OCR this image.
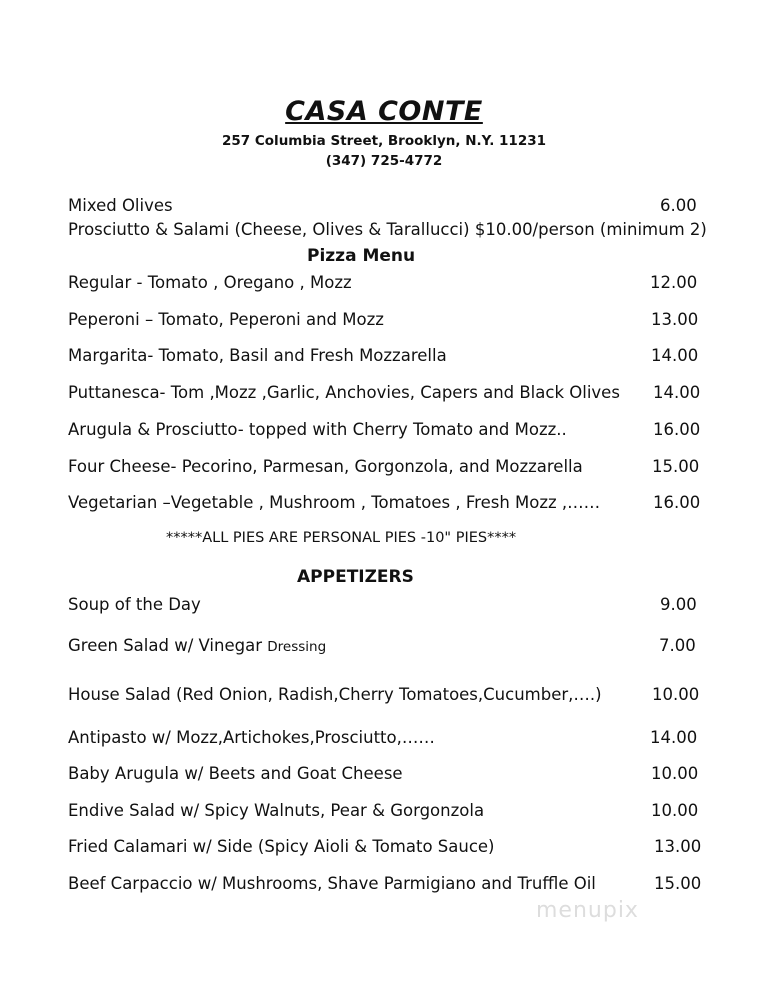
CASA CONTE
257 Columbia Street, Brooklyn, N.Y. 11231
(347) 725-4772
Mixed Olives	6.00
Prosciutto & Salami (Cheese, Olives & Tarallucci) $10.00/person (minimum 2)
Pizza Menu
Regular - Tomato , Oregano , Mozz	12.00
Peperoni – Tomato, Peperoni and Mozz	13.00
Margarita- Tomato, Basil and Fresh Mozzarella	14.00
Puttanesca- Tom ,Mozz ,Garlic, Anchovies, Capers and Black Olives 14.00
Arugula & Prosciutto- topped with Cherry Tomato and Mozz..	16.00
Four Cheese- Pecorino, Parmesan, Gorgonzola, and Mozzarella	15.00
Vegetarian –Vegetable , Mushroom , Tomatoes , Fresh Mozz ,……	16.00
*****ALL PIES ARE PERSONAL PIES -10" PIES****
APPETIZERS
Soup of the Day	9.00
Green Salad w/ Vinegar Dressing	7.00
House Salad (Red Onion, Radish,Cherry Tomatoes,Cucumber,….)	10.00
Antipasto w/ Mozz,Artichokes,Prosciutto,……	14.00
Baby Arugula w/ Beets and Goat Cheese	10.00
Endive Salad w/ Spicy Walnuts, Pear & Gorgonzola	10.00
Fried Calamari w/ Side (Spicy Aioli & Tomato Sauce)	13.00
Beef Carpaccio w/ Mushrooms, Shave Parmigiano and Truffle Oil	15.00
menupix
